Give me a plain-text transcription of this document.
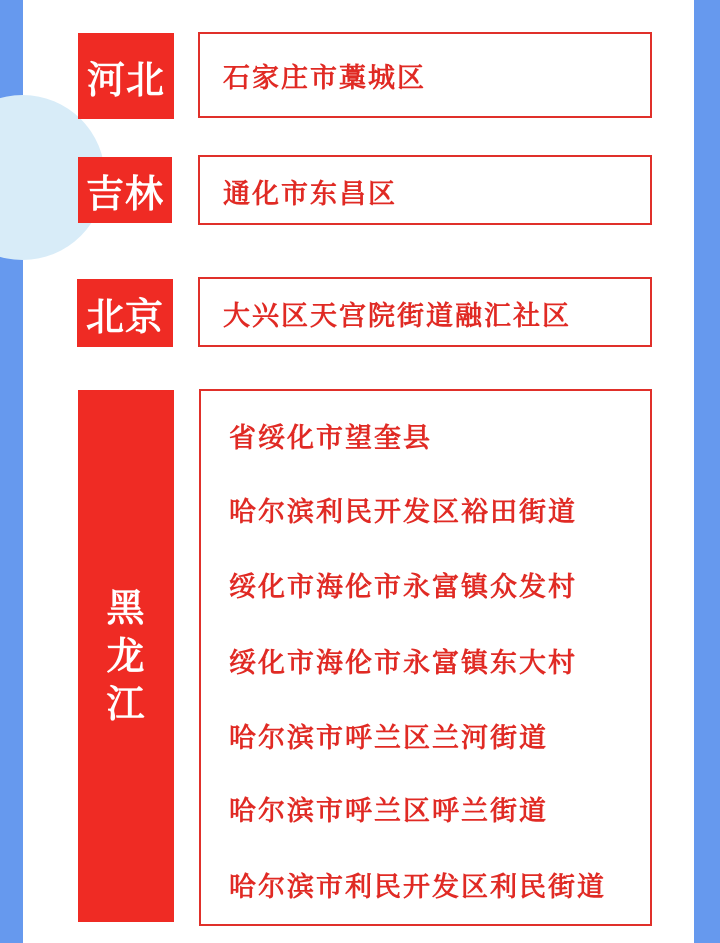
河北	石家庄市藁城区
吉林 通化市东昌区
北京	大兴区天宫院街道融汇社区
黑
龙
江
省绥化市望奎县
哈尔滨利民开发区裕田街道
绥化市海伦市永富镇众发村
绥化市海伦市永富镇东大村
哈尔滨市呼兰区兰河街道
哈尔滨市呼兰区呼兰街道
哈尔滨市利民开发区利民街道
